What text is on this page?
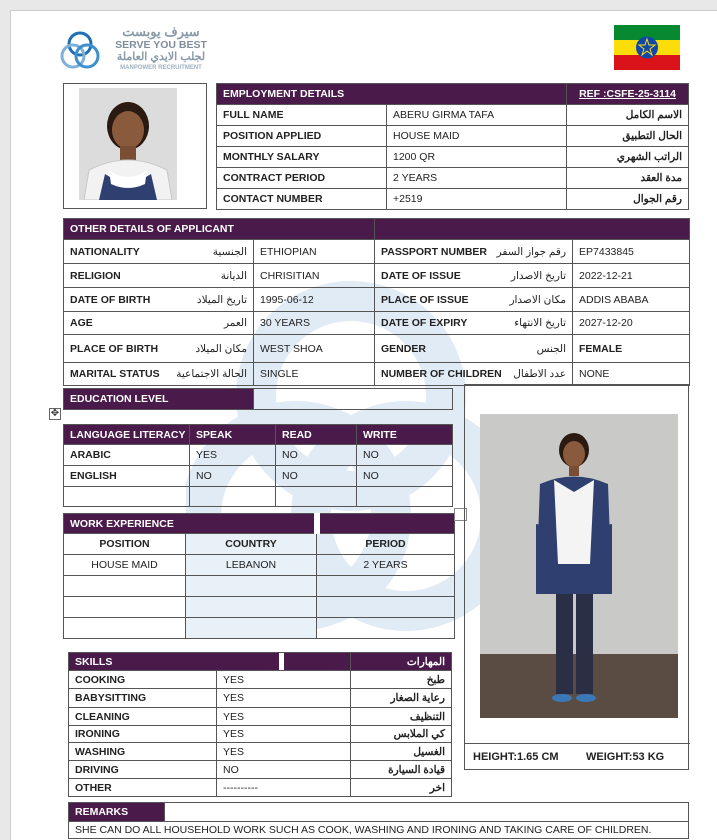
سيرف يوبست
SERVE YOU BEST
لجلب الايدي العاملة
MANPOWER RECRUITMENT
EMPLOYMENT DETAILS		REF :CSFE-25-3114
FULL NAME	ABERU GIRMA TAFA	الاسم الكامل
POSITION APPLIED	HOUSE MAID	الحال التطبيق
MONTHLY SALARY	1200 QR	الراتب الشهري
CONTRACT PERIOD	2 YEARS	مدة العقد
CONTACT NUMBER	+2519	رقم الجوال
OTHER DETAILS OF APPLICANT			

NATIONALITY الجنسية	ETHIOPIAN	PASSPORT NUMBER رقم جواز السفر	EP7433845

RELIGION الديانة	CHRISITIAN	DATE OF ISSUE تاريخ الاصدار	2022-12-21

DATE OF BIRTH تاريخ الميلاد	1995-06-12	PLACE OF ISSUE مكان الاصدار	ADDIS ABABA

AGE العمر	30 YEARS	DATE OF EXPIRY تاريخ الانتهاء	2027-12-20

PLACE OF BIRTH مكان الميلاد	WEST SHOA	GENDER الجنس	FEMALE

MARITAL STATUS الحالة الاجتماعية	SINGLE	NUMBER OF CHILDREN عدد الاطفال	NONE
✥
EDUCATION LEVEL	
LANGUAGE LITERACY	SPEAK	READ	WRITE
ARABIC	YES	NO	NO
ENGLISH	NO	NO	NO

WORK EXPERIENCE		
POSITION	COUNTRY	PERIOD
HOUSE MAID	LEBANON	2 YEARS

SKILLS		المهارات
COOKING	YES	طبخ
BABYSITTING	YES	رعاية الصغار
CLEANING	YES	التنظيف
IRONING	YES	كي الملابس
WASHING	YES	الغسيل
DRIVING	NO	قيادة السيارة
OTHER	----------	اخر
HEIGHT:1.65 CM WEIGHT:53 KG
REMARKS	
SHE CAN DO ALL HOUSEHOLD WORK SUCH AS COOK, WASHING AND IRONING AND TAKING CARE OF CHILDREN.
